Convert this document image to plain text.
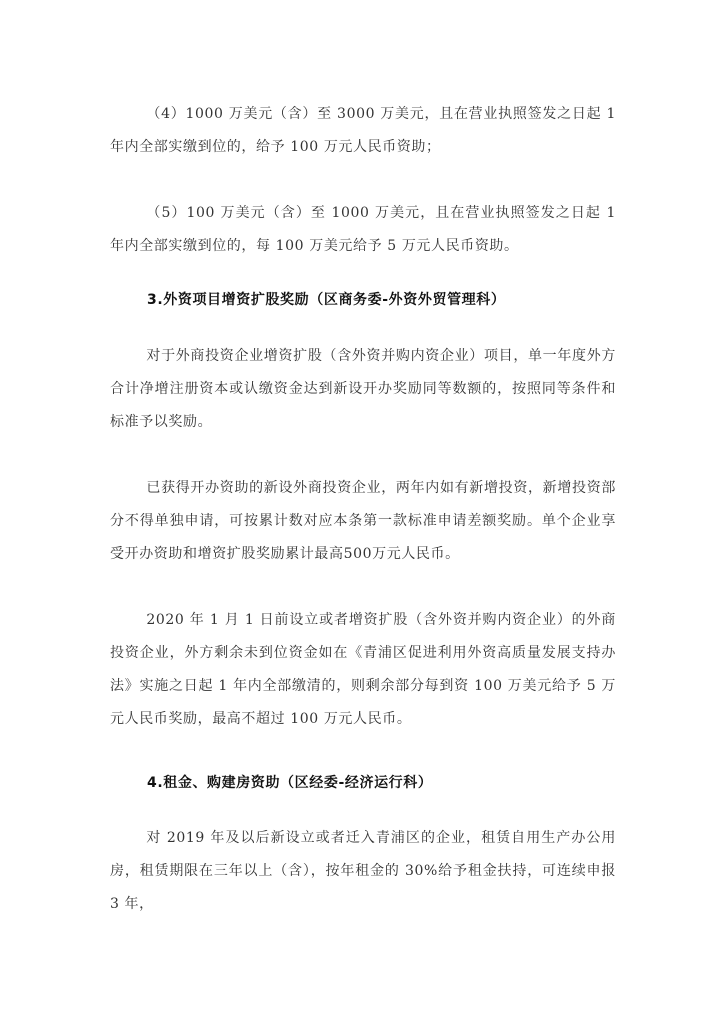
（4）1000 万美元（含）至 3000 万美元，且在营业执照签发之日起 1 年内全部实缴到位的，给予 100 万元人民币资助；

（5）100 万美元（含）至 1000 万美元，且在营业执照签发之日起 1 年内全部实缴到位的，每 100 万美元给予 5 万元人民币资助。

3.外资项目增资扩股奖励（区商务委-外资外贸管理科）

对于外商投资企业增资扩股（含外资并购内资企业）项目，单一年度外方合计净增注册资本或认缴资金达到新设开办奖励同等数额的，按照同等条件和标准予以奖励。

已获得开办资助的新设外商投资企业，两年内如有新增投资，新增投资部分不得单独申请，可按累计数对应本条第一款标准申请差额奖励。单个企业享受开办资助和增资扩股奖励累计最高500万元人民币。

2020 年 1 月 1 日前设立或者增资扩股（含外资并购内资企业）的外商投资企业，外方剩余未到位资金如在《青浦区促进利用外资高质量发展支持办法》实施之日起 1 年内全部缴清的，则剩余部分每到资 100 万美元给予 5 万元人民币奖励，最高不超过 100 万元人民币。

4.租金、购建房资助（区经委-经济运行科）

对 2019 年及以后新设立或者迁入青浦区的企业，租赁自用生产办公用房，租赁期限在三年以上（含），按年租金的 30%给予租金扶持，可连续申报 3 年，
